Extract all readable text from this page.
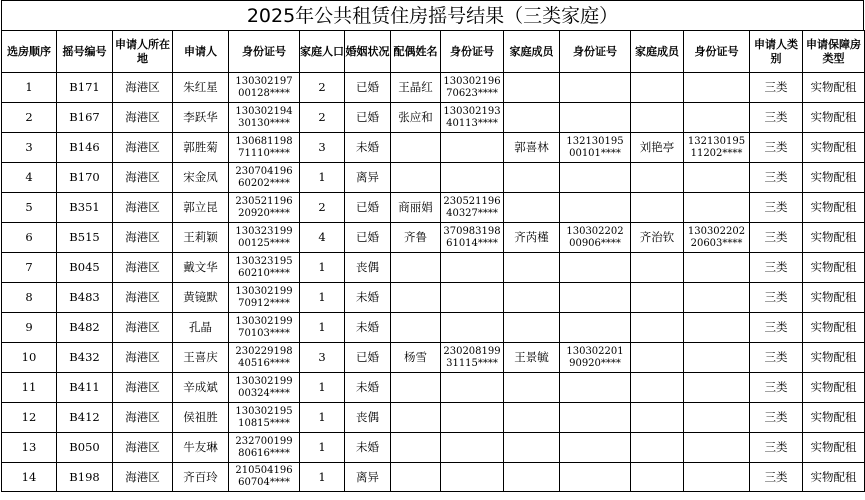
2025年公共租赁住房摇号结果（三类家庭）
选房顺序	摇号编号	申请人所在地	申请人	身份证号	家庭人口	婚姻状况	配偶姓名	身份证号	家庭成员	身份证号	家庭成员	身份证号	申请人类别	申请保障房类型
1	B171	海港区	朱红星	130302197
00128****	2	已婚	王晶红	130302196
70623****					三类	实物配租
2	B167	海港区	李跃华	130302194
30130****	2	已婚	张应和	130302193
40113****					三类	实物配租
3	B146	海港区	郭胜菊	130681198
71110****	3	未婚			郭喜林	132130195
00101****	刘艳亭	132130195
11202****	三类	实物配租
4	B170	海港区	宋金凤	230704196
60202****	1	离异							三类	实物配租
5	B351	海港区	郭立昆	230521196
20920****	2	已婚	商丽娟	230521196
40327****					三类	实物配租
6	B515	海港区	王莉颖	130323199
00125****	4	已婚	齐鲁	370983198
61014****	齐芮槿	130302202
00906****	齐治钦	130302202
20603****	三类	实物配租
7	B045	海港区	戴文华	130323195
60210****	1	丧偶							三类	实物配租
8	B483	海港区	黄镜默	130302199
70912****	1	未婚							三类	实物配租
9	B482	海港区	孔晶	130302199
70103****	1	未婚							三类	实物配租
10	B432	海港区	王喜庆	230229198
40516****	3	已婚	杨雪	230208199
31115****	王景毓	130302201
90920****			三类	实物配租
11	B411	海港区	辛成斌	130302199
00324****	1	未婚							三类	实物配租
12	B412	海港区	侯祖胜	130302195
10815****	1	丧偶							三类	实物配租
13	B050	海港区	牛友琳	232700199
80616****	1	未婚							三类	实物配租
14	B198	海港区	齐百玲	210504196
60704****	1	离异							三类	实物配租
